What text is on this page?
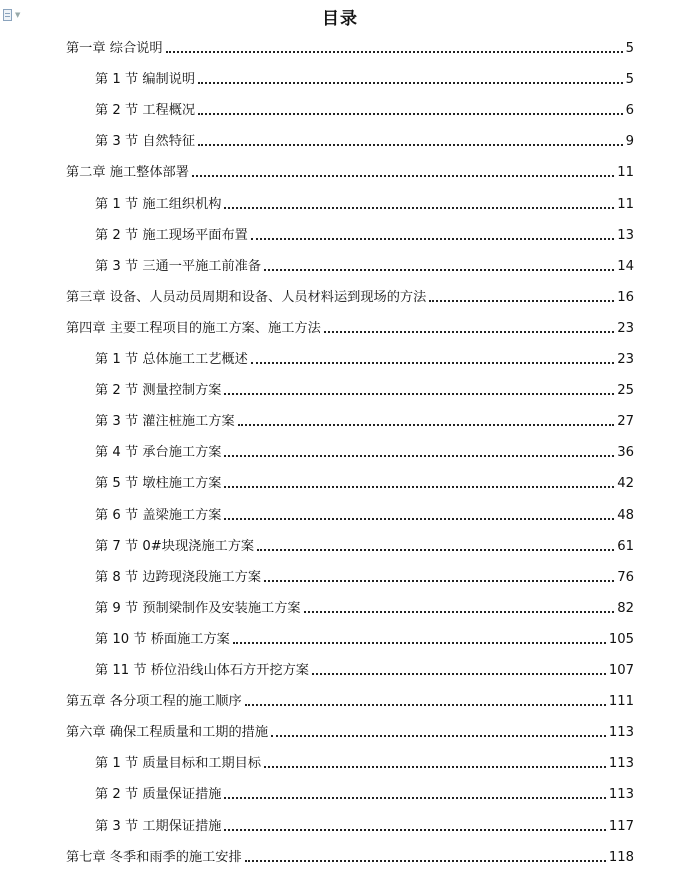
▼	目录
第一章 综合说明	5
第 1 节 编制说明	5
第 2 节 工程概况	6
第 3 节 自然特征	9
第二章 施工整体部署	11
第 1 节 施工组织机构	11
第 2 节 施工现场平面布置	13
第 3 节 三通一平施工前准备	14
第三章 设备、人员动员周期和设备、人员材料运到现场的方法	16
第四章 主要工程项目的施工方案、施工方法	23
第 1 节 总体施工工艺概述	23
第 2 节 测量控制方案	25
第 3 节 灌注桩施工方案	27
第 4 节 承台施工方案	36
第 5 节 墩柱施工方案	42
第 6 节 盖梁施工方案	48
第 7 节 0#块现浇施工方案	61
第 8 节 边跨现浇段施工方案	76
第 9 节 预制梁制作及安装施工方案	82
第 10 节 桥面施工方案	105
第 11 节 桥位沿线山体石方开挖方案	107
第五章 各分项工程的施工顺序	111
第六章 确保工程质量和工期的措施	113
第 1 节 质量目标和工期目标	113
第 2 节 质量保证措施	113
第 3 节 工期保证措施	117
第七章 冬季和雨季的施工安排	118
